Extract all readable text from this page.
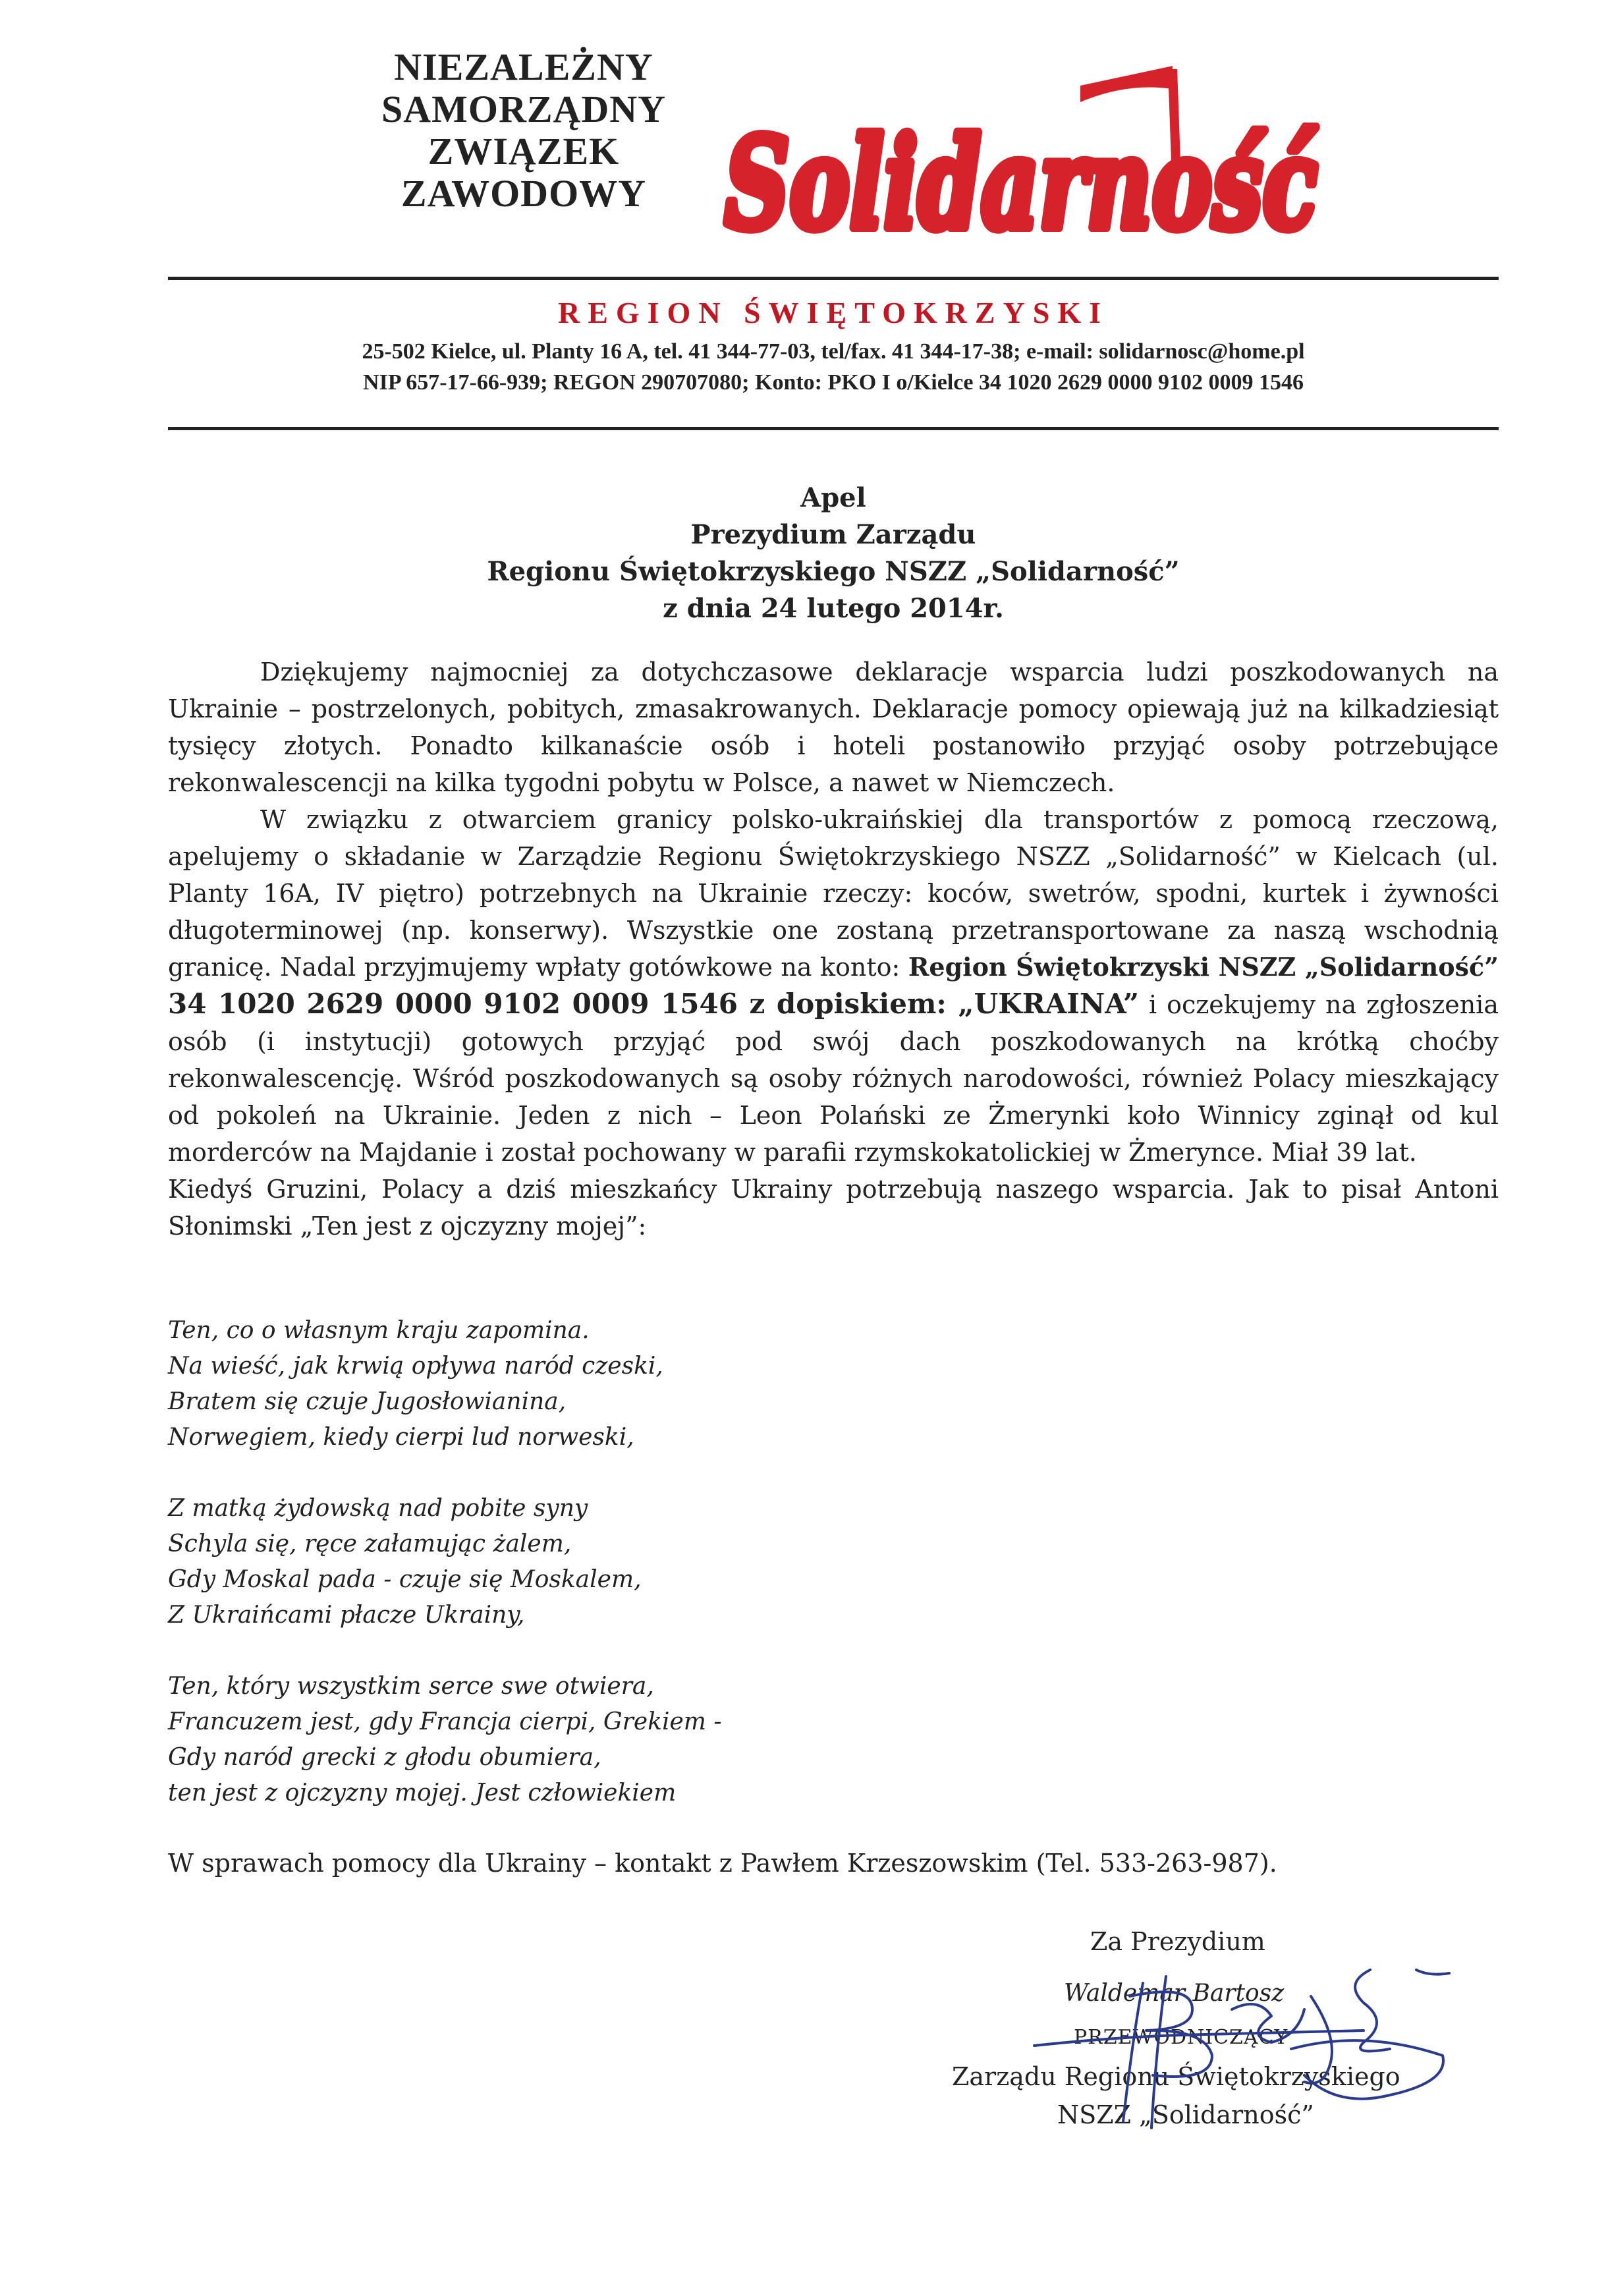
NIEZALEŻNY
SAMORZĄDNY
ZWIĄZEK
ZAWODOWY Solidarność
REGION ŚWIĘTOKRZYSKI
25-502 Kielce, ul. Planty 16 A, tel. 41 344-77-03, tel/fax. 41 344-17-38; e-mail: solidarnosc@home.pl
NIP 657-17-66-939; REGON 290707080; Konto: PKO I o/Kielce 34 1020 2629 0000 9102 0009 1546
Apel
Prezydium Zarządu
Regionu Świętokrzyskiego NSZZ „Solidarność”
z dnia 24 lutego 2014r.

Dziękujemy najmocniej za dotychczasowe deklaracje wsparcia ludzi poszkodowanych na Ukrainie – postrzelonych, pobitych, zmasakrowanych. Deklaracje pomocy opiewają już na kilkadziesiąt tysięcy złotych. Ponadto kilkanaście osób i hoteli postanowiło przyjąć osoby potrzebujące rekonwalescencji na kilka tygodni pobytu w Polsce, a nawet w Niemczech.

W związku z otwarciem granicy polsko-ukraińskiej dla transportów z pomocą rzeczową, apelujemy o składanie w Zarządzie Regionu Świętokrzyskiego NSZZ „Solidarność” w Kielcach (ul. Planty 16A, IV piętro) potrzebnych na Ukrainie rzeczy: koców, swetrów, spodni, kurtek i żywności długoterminowej (np. konserwy). Wszystkie one zostaną przetransportowane za naszą wschodnią granicę. Nadal przyjmujemy wpłaty gotówkowe na konto: Region Świętokrzyski NSZZ „Solidarność” 34 1020 2629 0000 9102 0009 1546 z dopiskiem: „UKRAINA” i oczekujemy na zgłoszenia osób (i instytucji) gotowych przyjąć pod swój dach poszkodowanych na krótką choćby rekonwalescencję. Wśród poszkodowanych są osoby różnych narodowości, również Polacy mieszkający od pokoleń na Ukrainie. Jeden z nich – Leon Polański ze Żmerynki koło Winnicy zginął od kul morderców na Majdanie i został pochowany w parafii rzymskokatolickiej w Żmerynce. Miał 39 lat.

Kiedyś Gruzini, Polacy a dziś mieszkańcy Ukrainy potrzebują naszego wsparcia. Jak to pisał Antoni Słonimski „Ten jest z ojczyzny mojej”:

Ten, co o własnym kraju zapomina.
Na wieść, jak krwią opływa naród czeski,
Bratem się czuje Jugosłowianina,
Norwegiem, kiedy cierpi lud norweski,
Z matką żydowską nad pobite syny
Schyla się, ręce załamując żalem,
Gdy Moskal pada - czuje się Moskalem,
Z Ukraińcami płacze Ukrainy,
Ten, który wszystkim serce swe otwiera,
Francuzem jest, gdy Francja cierpi, Grekiem -
Gdy naród grecki z głodu obumiera,
ten jest z ojczyzny mojej. Jest człowiekiem
W sprawach pomocy dla Ukrainy – kontakt z Pawłem Krzeszowskim (Tel. 533-263-987).
Za Prezydium
Waldemar Bartosz
PRZEWODNICZĄCY
Zarządu Regionu Świętokrzyskiego
NSZZ „Solidarność”
